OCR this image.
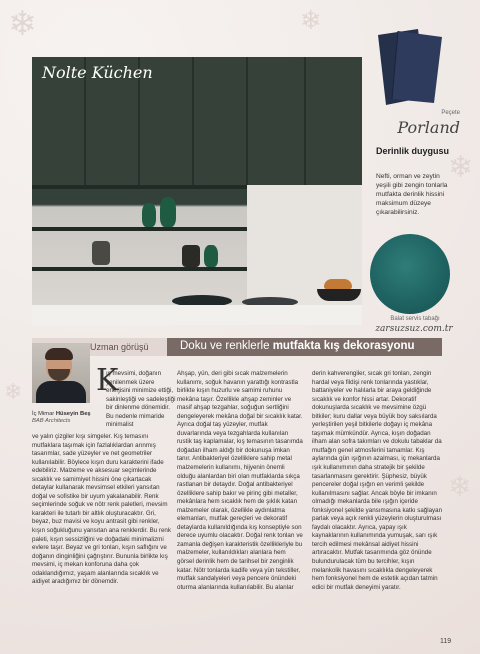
❄	❄
❄
❄
❄
Nolte Küchen
Peçete
Porland
Derinlik duygusu
Nefti, orman ve zeytin yeşili gibi zengin tonlarla mutfakta derinlik hissini maksimum düzeye çıkarabilirsiniz.
Balat servis tabağı
zarsuzsuz.com.tr
Uzman görüşü	Doku ve renklerle mutfakta kış dekorasyonu
İç Mimar Hüseyin Beş
BAB Architects
K
ış mevsimi, doğanın yenilenmek üzere enerjisini minimize ettiği, sakinleştiği ve sadeleştiği bir dinlenme dönemidir. Bu nedenle mimaride minimalist
ve yalın çizgiler kışı simgeler. Kış temasını mutfaklara taşımak için fazlalıklardan arınmış tasarımlar, sade yüzeyler ve net geometriler kullanılabilir. Böylece kışın duru karakterini ifade edebiliriz. Malzeme ve aksesuar seçimlerinde sıcaklık ve samimiyet hissini öne çıkartacak detaylar kullanarak mevsimsel etkileri yansıtan doğal ve sofistike bir uyum yakalanabilir. Renk seçimlerinde soğuk ve nötr renk paletleri, mevsim karakteri ile tutarlı bir altlık oluşturacaktır. Gri, beyaz, buz mavisi ve koyu antrasit gibi renkler, kışın soğukluğunu yansıtan ana renklerdir. Bu renk paleti, kışın sessizliğini ve doğadaki minimalizmi evlere taşır. Beyaz ve gri tonları, kışın saflığını ve doğanın dinginliğini çağrıştırır. Bununla birlikte kış mevsimi, iç mekan konforuna daha çok odaklandığımız, yaşam alanlarında sıcaklık ve aidiyet aradığımız bir dönemdir.
Ahşap, yün, deri gibi sıcak malzemelerin kullanımı, soğuk havanın yarattığı kontrastla birlikte kışın huzurlu ve samimi ruhunu mekâna taşır. Özellikle ahşap zeminler ve masif ahşap tezgahlar, soğuğun sertliğini dengeleyerek mekâna doğal bir sıcaklık katar. Ayrıca doğal taş yüzeyler, mutfak duvarlarında veya tezgahlarda kullanılan rustik taş kaplamalar, kış temasının tasarımda doğadan ilham aldığı bir dokunuşa imkan tanır. Antibakteriyel özelliklere sahip metal malzemelerin kullanımı, hijyenin önemli olduğu alanlardan biri olan mutfaklarda sıkça rastlanan bir detaydır. Doğal antibakteriyel özelliklere sahip bakır ve pirinç gibi metaller, mekânlara hem sıcaklık hem de şıklık katan malzemeler olarak, özellikle aydınlatma elemanları, mutfak gereçleri ve dekoratif detaylarda kullanıldığında kış konseptiyle son derece uyumlu olacaktır. Doğal renk tonları ve zamanla değişen karakteristik özellikleriyle bu malzemeler, kullanıldıkları alanlara hem görsel derinlik hem de tarihsel bir zenginlik katar. Nötr tonlarda kadife veya yün tekstiller, mutfak sandalyeleri veya pencere önündeki oturma alanlarında kullanılabilir. Bu alanlar
derin kahverengiler, sıcak gri tonları, zengin hardal veya fildişi renk tonlarında yastıklar, battaniyeler ve halılarla bir araya geldiğinde sıcaklık ve konfor hissi artar. Dekoratif dokunuşlarda sıcaklık ve mevsimine özgü bitkiler; kuru dallar veya büyük boy saksılarda yerleştirilen yeşil bitkilerle doğayı iç mekâna taşımak mümkündür. Ayrıca, kışın doğadan ilham alan sofra takımları ve dokulu tabaklar da mutfağın genel atmosferini tamamlar. Kış aylarında gün ışığının azalması, iç mekanlarda ışık kullanımının daha stratejik bir şekilde tasarlanmasını gerektirir. Şüphesiz, büyük pencereler doğal ışığın en verimli şekilde kullanılmasını sağlar. Ancak böyle bir imkanın olmadığı mekanlarda bile ışığın içeride fonksiyonel şekilde yansımasına katkı sağlayan parlak veya açık renkli yüzeylerin oluşturulması faydalı olacaktır. Ayrıca, yapay ışık kaynaklarının kullanımında yumuşak, sarı ışık tercih edilmesi mekânsal aidiyet hissini artıracaktır. Mutfak tasarımında göz önünde bulundurulacak tüm bu tercihler, kışın melankolik havasını sıcaklıkla dengeleyerek hem fonksiyonel hem de estetik açıdan tatmin edici bir mutfak deneyimi yaratır.
119
